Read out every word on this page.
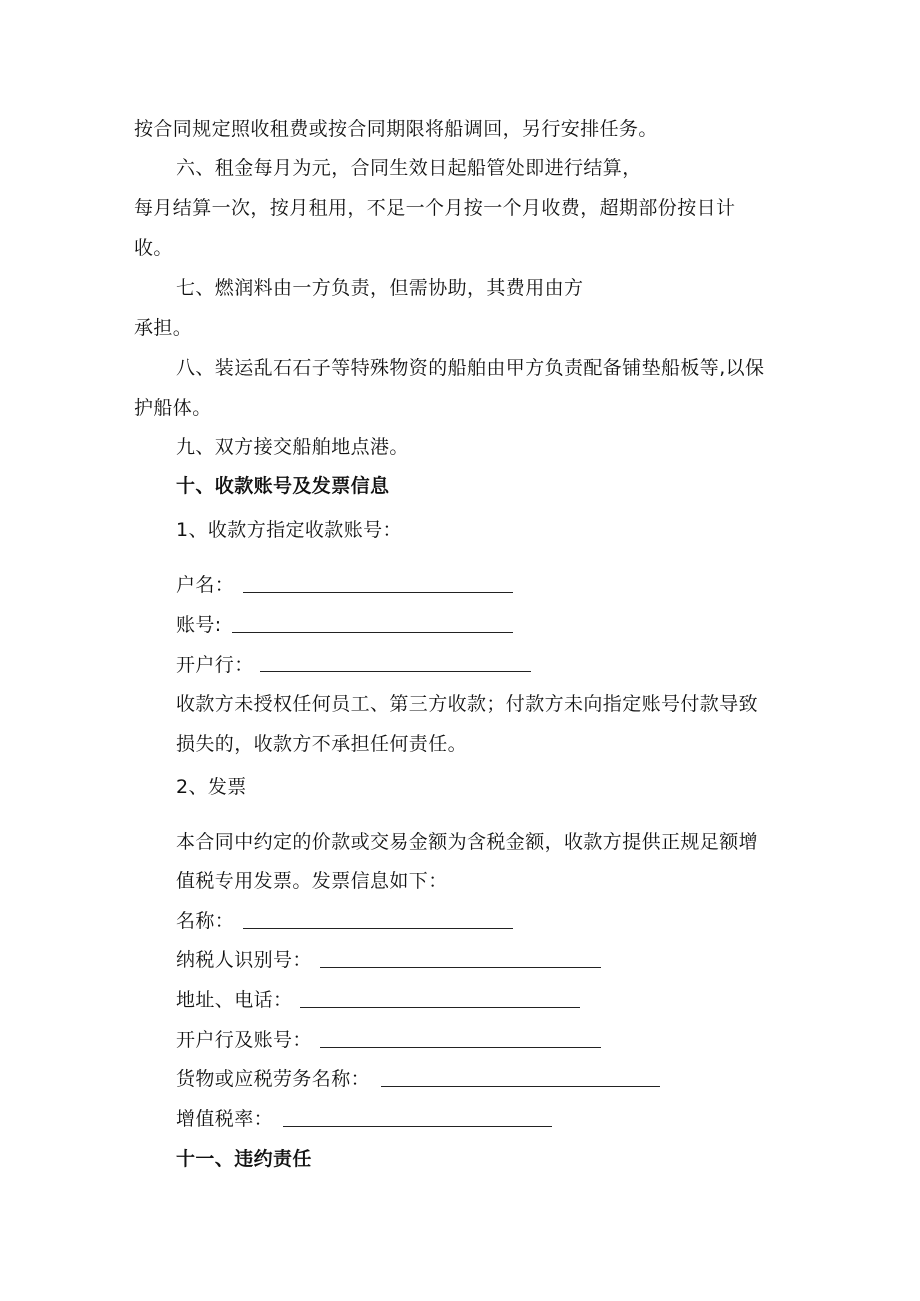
按合同规定照收租费或按合同期限将船调回，另行安排任务。
六、租金每月为元，合同生效日起船管处即进行结算，
每月结算一次，按月租用，不足一个月按一个月收费，超期部份按日计
收。
七、燃润料由一方负责，但需协助，其费用由方
承担。
八、装运乱石石子等特殊物资的船舶由甲方负责配备铺垫船板等,以保
护船体。
九、双方接交船舶地点港。
十、收款账号及发票信息
1、收款方指定收款账号：
户名：
账号:
开户行：
收款方未授权任何员工、第三方收款；付款方未向指定账号付款导致
损失的，收款方不承担任何责任。
2、发票
本合同中约定的价款或交易金额为含税金额，收款方提供正规足额增
值税专用发票。发票信息如下：
名称：
纳税人识别号：
地址、电话：
开户行及账号：
货物或应税劳务名称：
增值税率：
十一、违约责任
